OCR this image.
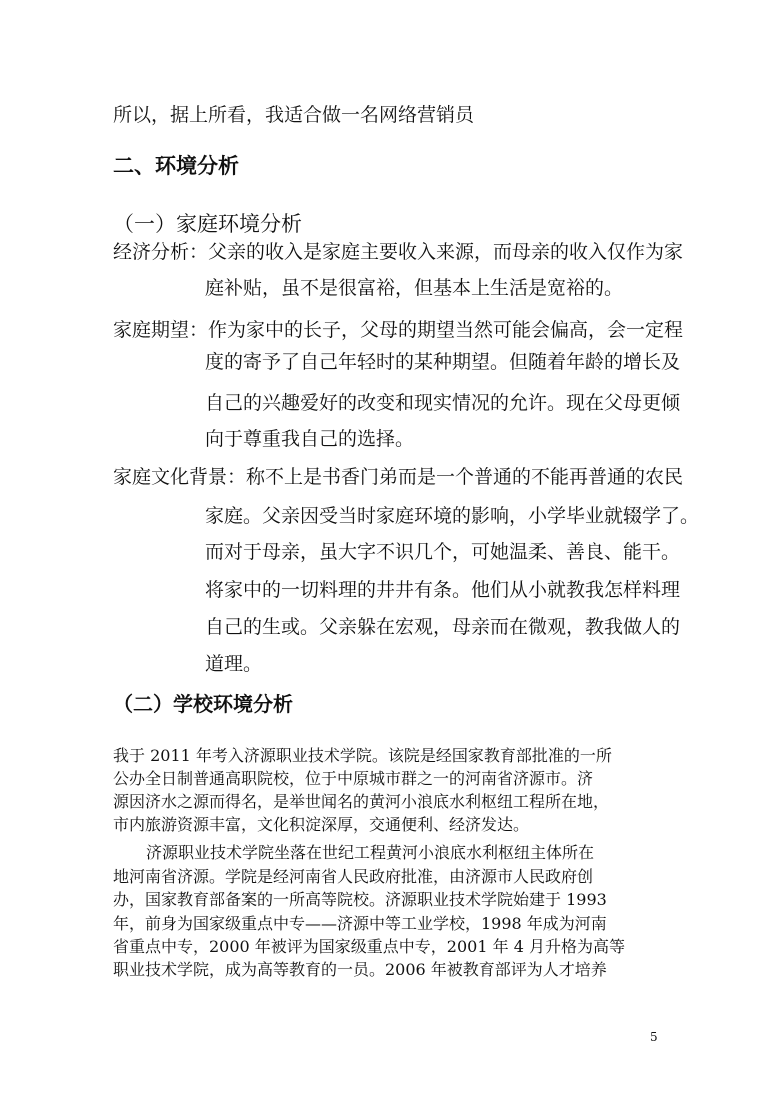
所以，据上所看，我适合做一名网络营销员
二、环境分析
（一）家庭环境分析
经济分析：父亲的收入是家庭主要收入来源，而母亲的收入仅作为家
庭补贴，虽不是很富裕，但基本上生活是宽裕的。
家庭期望：作为家中的长子，父母的期望当然可能会偏高，会一定程
度的寄予了自己年轻时的某种期望。但随着年龄的增长及
自己的兴趣爱好的改变和现实情况的允许。现在父母更倾
向于尊重我自己的选择。
家庭文化背景：称不上是书香门弟而是一个普通的不能再普通的农民
家庭。父亲因受当时家庭环境的影响，小学毕业就辍学了。
而对于母亲，虽大字不识几个，可她温柔、善良、能干。
将家中的一切料理的井井有条。他们从小就教我怎样料理
自己的生或。父亲躲在宏观，母亲而在微观，教我做人的
道理。
（二）学校环境分析
我于 2011 年考入济源职业技术学院。该院是经国家教育部批准的一所
公办全日制普通高职院校，位于中原城市群之一的河南省济源市。济
源因济水之源而得名，是举世闻名的黄河小浪底水利枢纽工程所在地，
市内旅游资源丰富，文化积淀深厚，交通便利、经济发达。
济源职业技术学院坐落在世纪工程黄河小浪底水利枢纽主体所在
地河南省济源。学院是经河南省人民政府批准，由济源市人民政府创
办，国家教育部备案的一所高等院校。济源职业技术学院始建于 1993
年，前身为国家级重点中专——济源中等工业学校，1998 年成为河南
省重点中专，2000 年被评为国家级重点中专，2001 年 4 月升格为高等
职业技术学院，成为高等教育的一员。2006 年被教育部评为人才培养
5
